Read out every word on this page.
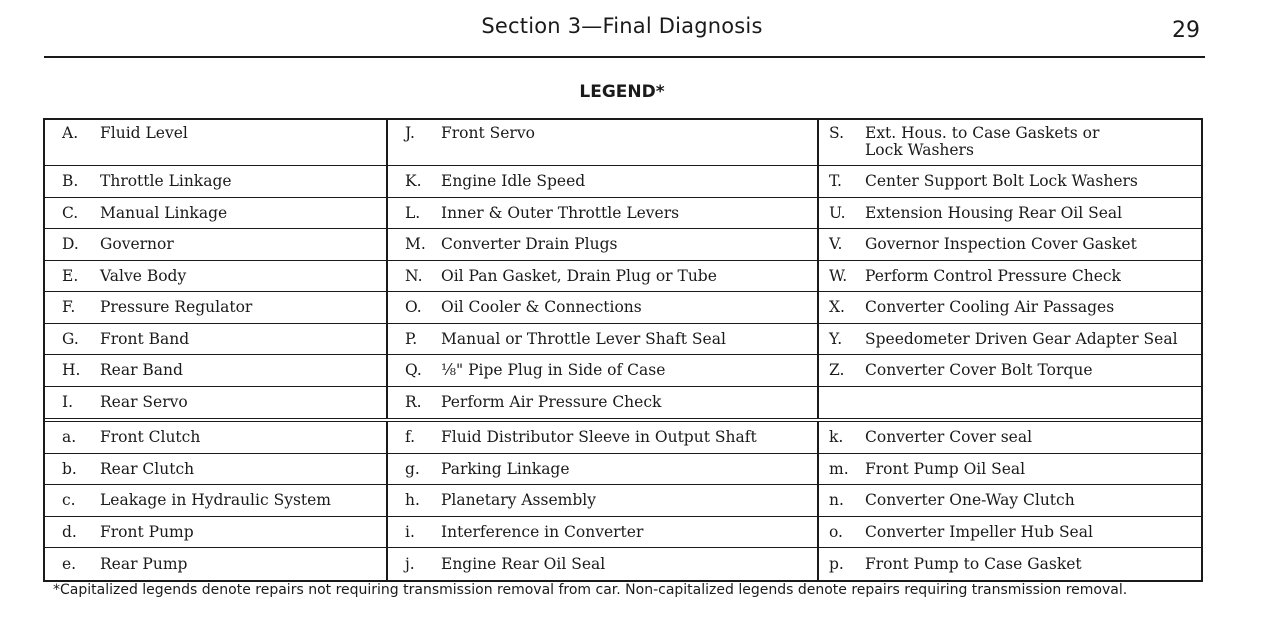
Section 3—Final Diagnosis	29
LEGEND*
A.	Fluid Level
B.	Throttle Linkage
C.	Manual Linkage
D.	Governor
E.	Valve Body
F.	Pressure Regulator
G.	Front Band
H.	Rear Band
I.	Rear Servo
J.	Front Servo
K.	Engine Idle Speed
L.	Inner & Outer Throttle Levers
M. Converter Drain Plugs
N.	Oil Pan Gasket, Drain Plug or Tube
O.	Oil Cooler & Connections
P.	Manual or Throttle Lever Shaft Seal
Q.	⅛" Pipe Plug in Side of Case
R.	Perform Air Pressure Check
S.	Ext. Hous. to Case Gaskets or
Lock Washers
T.	Center Support Bolt Lock Washers
U.	Extension Housing Rear Oil Seal
V.	Governor Inspection Cover Gasket
W.	Perform Control Pressure Check
X.	Converter Cooling Air Passages
Y.	Speedometer Driven Gear Adapter Seal
Z.	Converter Cover Bolt Torque
a.	Front Clutch
b.	Rear Clutch
c.	Leakage in Hydraulic System
d.	Front Pump
e.	Rear Pump
f.	Fluid Distributor Sleeve in Output Shaft
g.	Parking Linkage
h.	Planetary Assembly
i.	Interference in Converter
j.	Engine Rear Oil Seal
k.	Converter Cover seal
m.	Front Pump Oil Seal
n.	Converter One-Way Clutch
o.	Converter Impeller Hub Seal
p.	Front Pump to Case Gasket
*Capitalized legends denote repairs not requiring transmission removal from car. Non-capitalized legends denote repairs requiring transmission removal.
